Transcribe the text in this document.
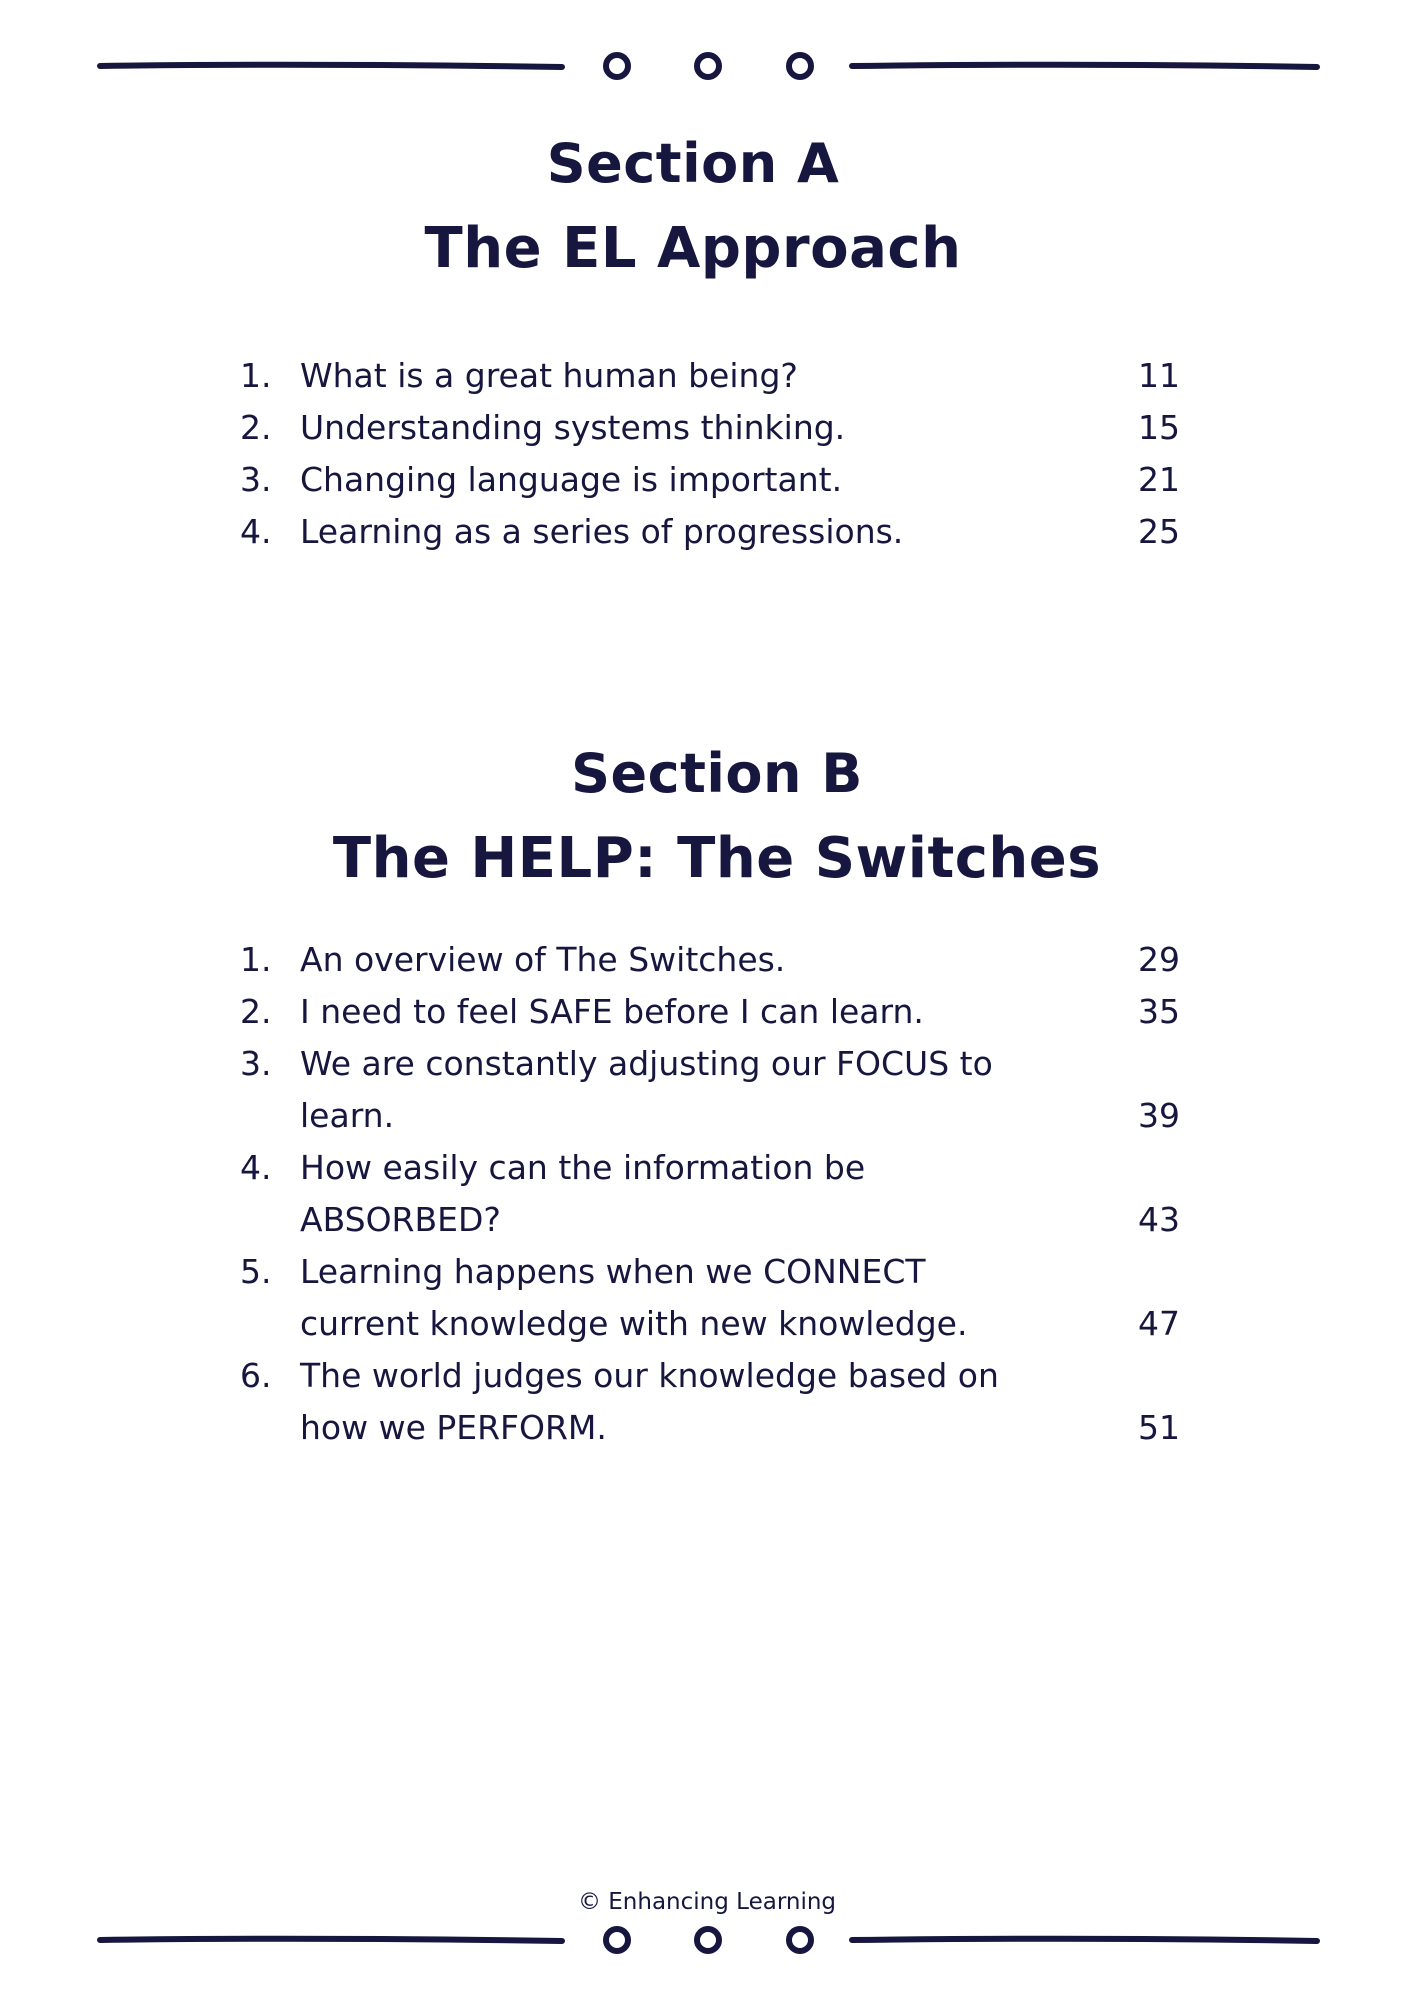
Section A
The EL Approach
1. What is a great human being?	11
2. Understanding systems thinking.	15
3. Changing language is important.	21
4. Learning as a series of progressions.	25
Section B
The HELP: The Switches
1. An overview of The Switches.	29
2. I need to feel SAFE before I can learn.	35
3. We are constantly adjusting our FOCUS to learn.	39
4. How easily can the information be ABSORBED?	43
5. Learning happens when we CONNECT current knowledge with new knowledge.	47
6. The world judges our knowledge based on how we PERFORM.	51
© Enhancing Learning
